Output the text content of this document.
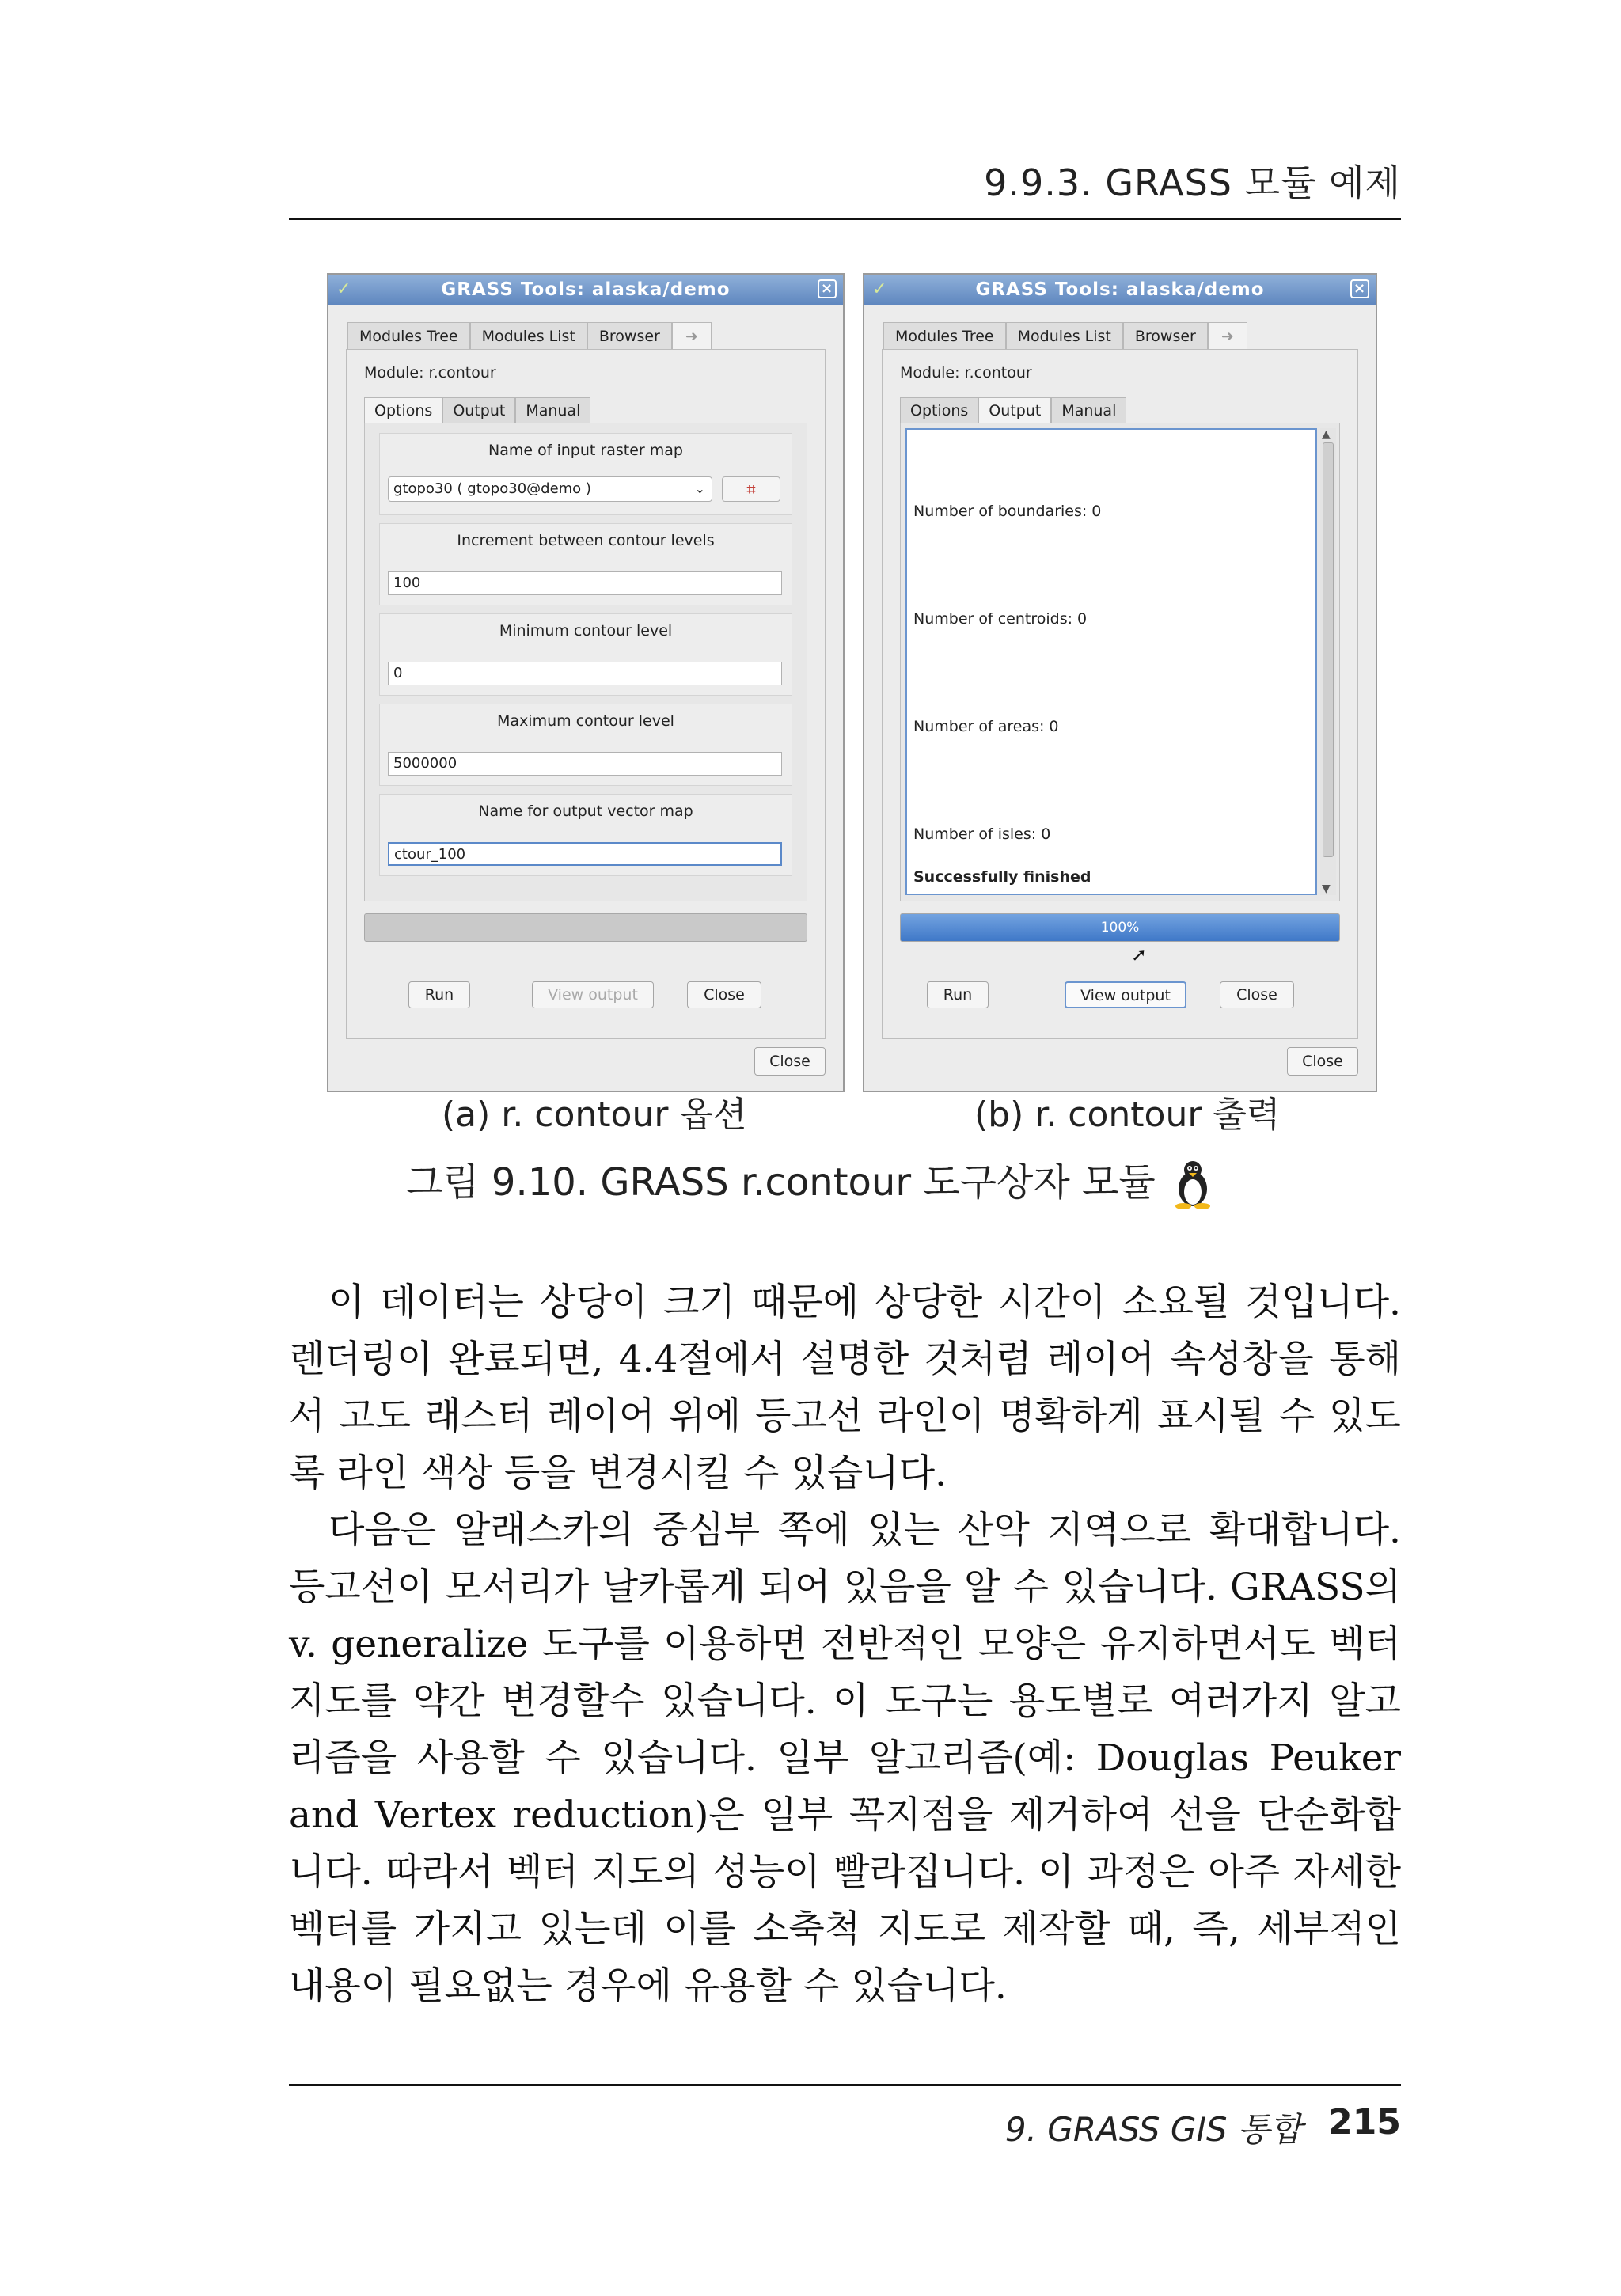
9.9.3. GRASS 모듈 예제
✓	GRASS Tools: alaska/demo	×
Modules Tree	Modules List	Browser	➜
Module: r.contour
Options	Output	Manual
Name of input raster map
gtopo30 ( gtopo30@demo )	⌄	⌗
Increment between contour levels
100
Minimum contour level
0
Maximum contour level
5000000
Name for output vector map
ctour_100
Run	View output	Close
Close
✓	GRASS Tools: alaska/demo	×
Modules Tree	Modules List	Browser	➜
Module: r.contour
Options	Output	Manual
Number of boundaries: 0
Number of centroids: 0
Number of areas: 0
Number of isles: 0
Successfully finished
▲
▼
100%
➚
Run	View output	Close
Close
(a) r. contour 옵션	(b) r. contour 출력
그림 9.10. GRASS r.contour 도구상자 모듈

이 데이터는 상당이 크기 때문에 상당한 시간이 소요될 것입니다. 렌더링이 완료되면, 4.4절에서 설명한 것처럼 레이어 속성창을 통해서 고도 래스터 레이어 위에 등고선 라인이 명확하게 표시될 수 있도록 라인 색상 등을 변경시킬 수 있습니다.

다음은 알래스카의 중심부 쪽에 있는 산악 지역으로 확대합니다. 등고선이 모서리가 날카롭게 되어 있음을 알 수 있습니다. GRASS의 v. generalize 도구를 이용하면 전반적인 모양은 유지하면서도 벡터지도를 약간 변경할수 있습니다. 이 도구는 용도별로 여러가지 알고리즘을 사용할 수 있습니다. 일부 알고리즘(예: Douglas Peuker and Vertex reduction)은 일부 꼭지점을 제거하여 선을 단순화합니다. 따라서 벡터 지도의 성능이 빨라집니다. 이 과정은 아주 자세한 벡터를 가지고 있는데 이를 소축척 지도로 제작할 때, 즉, 세부적인 내용이 필요없는 경우에 유용할 수 있습니다.

9. GRASS GIS 통합 215
